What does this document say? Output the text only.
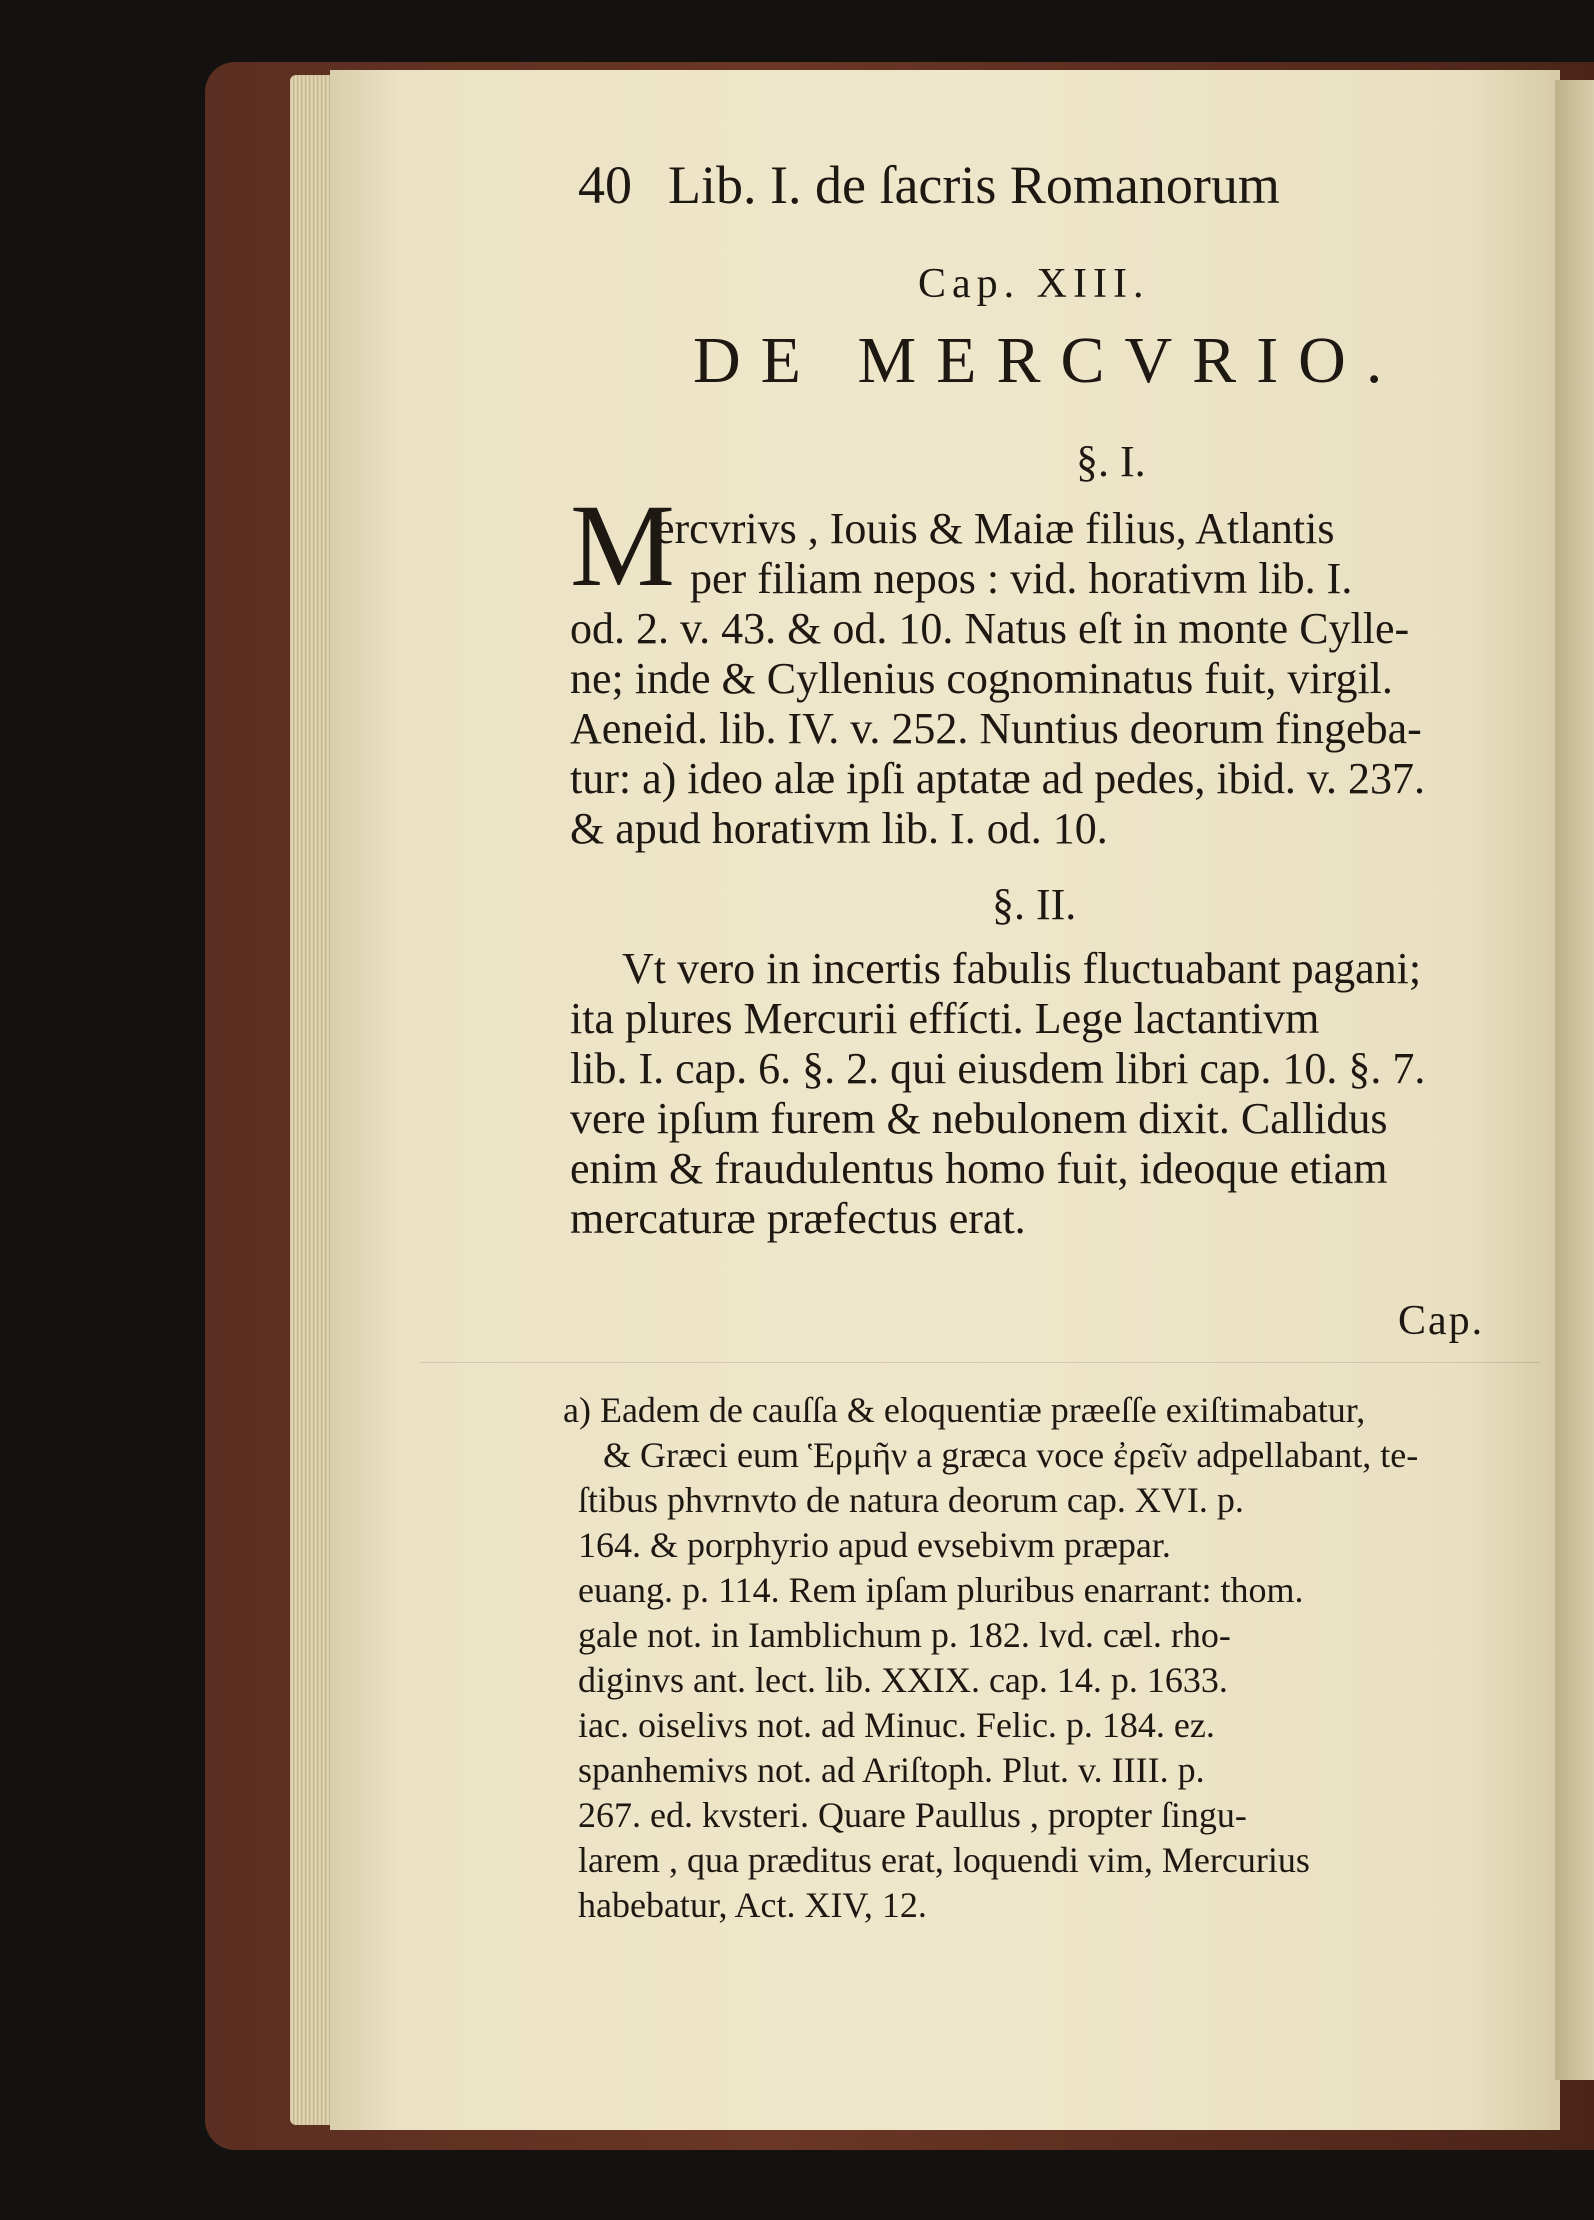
40 Lib. I. de ſacris Romanorum
Cap. XIII.
DE MERCVRIO.
§. I.
M
ercvrivs , Iouis & Maiæ filius, Atlantis
per filiam nepos : vid. horativm lib. I.
od. 2. v. 43. & od. 10. Natus eſt in monte Cylle-
ne; inde & Cyllenius cognominatus fuit, virgil.
Aeneid. lib. IV. v. 252. Nuntius deorum fingeba-
tur: a) ideo alæ ipſi aptatæ ad pedes, ibid. v. 237.
& apud horativm lib. I. od. 10.
§. II.
Vt vero in incertis fabulis fluctuabant pagani;
ita plures Mercurii effícti. Lege lactantivm
lib. I. cap. 6. §. 2. qui eiusdem libri cap. 10. §. 7.
vere ipſum furem & nebulonem dixit. Callidus
enim & fraudulentus homo fuit, ideoque etiam
mercaturæ præfectus erat.
Cap.
a) Eadem de cauſſa & eloquentiæ præeſſe exiſtimabatur,
& Græci eum Ἑρμῆν a græca voce ἐρεῖν adpellabant, te-
ſtibus phvrnvto de natura deorum cap. XVI. p.
164. & porphyrio apud evsebivm præpar.
euang. p. 114. Rem ipſam pluribus enarrant: thom.
gale not. in Iamblichum p. 182. lvd. cæl. rho-
diginvs ant. lect. lib. XXIX. cap. 14. p. 1633.
iac. oiselivs not. ad Minuc. Felic. p. 184. ez.
spanhemivs not. ad Ariſtoph. Plut. v. IIII. p.
267. ed. kvsteri. Quare Paullus , propter ſingu-
larem , qua præditus erat, loquendi vim, Mercurius
habebatur, Act. XIV, 12.
